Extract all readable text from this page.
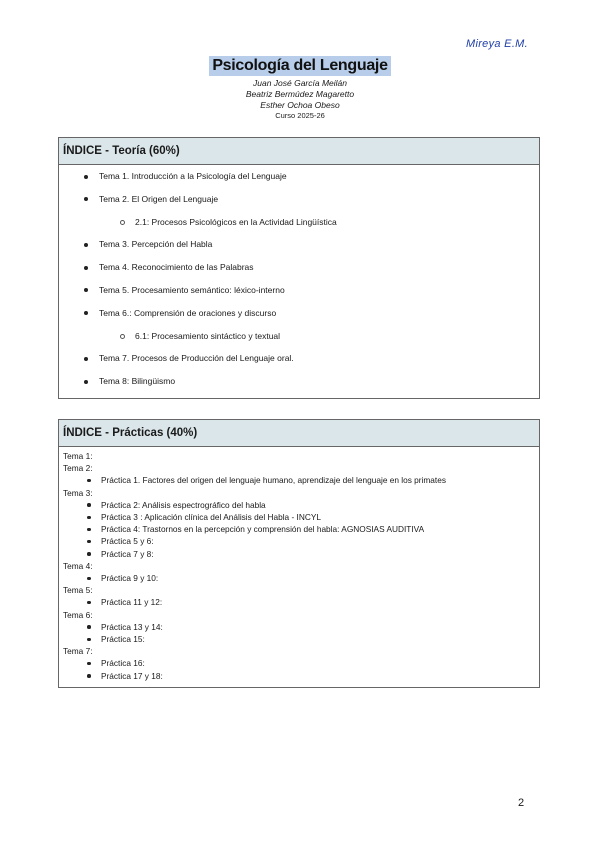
Mireya E.M.
Psicología del Lenguaje
Juan José García Meilán
Beatriz Bermúdez Magaretto
Esther Ochoa Obeso
Curso 2025-26
ÍNDICE - Teoría (60%)
Tema 1. Introducción a la Psicología del Lenguaje
Tema 2. El Origen del Lenguaje
2.1: Procesos Psicológicos en la Actividad Lingüística
Tema 3. Percepción del Habla
Tema 4. Reconocimiento de las Palabras
Tema 5. Procesamiento semántico: léxico-interno
Tema 6.: Comprensión de oraciones y discurso
6.1: Procesamiento sintáctico y textual
Tema 7. Procesos de Producción del Lenguaje oral.
Tema 8: Bilingüismo
ÍNDICE - Prácticas (40%)
Tema 1:
Tema 2:
Práctica 1. Factores del origen del lenguaje humano, aprendizaje del lenguaje en los primates
Tema 3:
Práctica 2: Análisis espectrográfico del habla
Práctica 3 : Aplicación clínica del Análisis del Habla - INCYL
Práctica 4: Trastornos en la percepción y comprensión del habla: AGNOSIAS AUDITIVA
Práctica 5 y 6:
Práctica 7 y 8:
Tema 4:
Práctica 9 y 10:
Tema 5:
Práctica 11 y 12:
Tema 6:
Práctica 13 y 14:
Práctica 15:
Tema 7:
Práctica 16:
Práctica 17 y 18:
2
